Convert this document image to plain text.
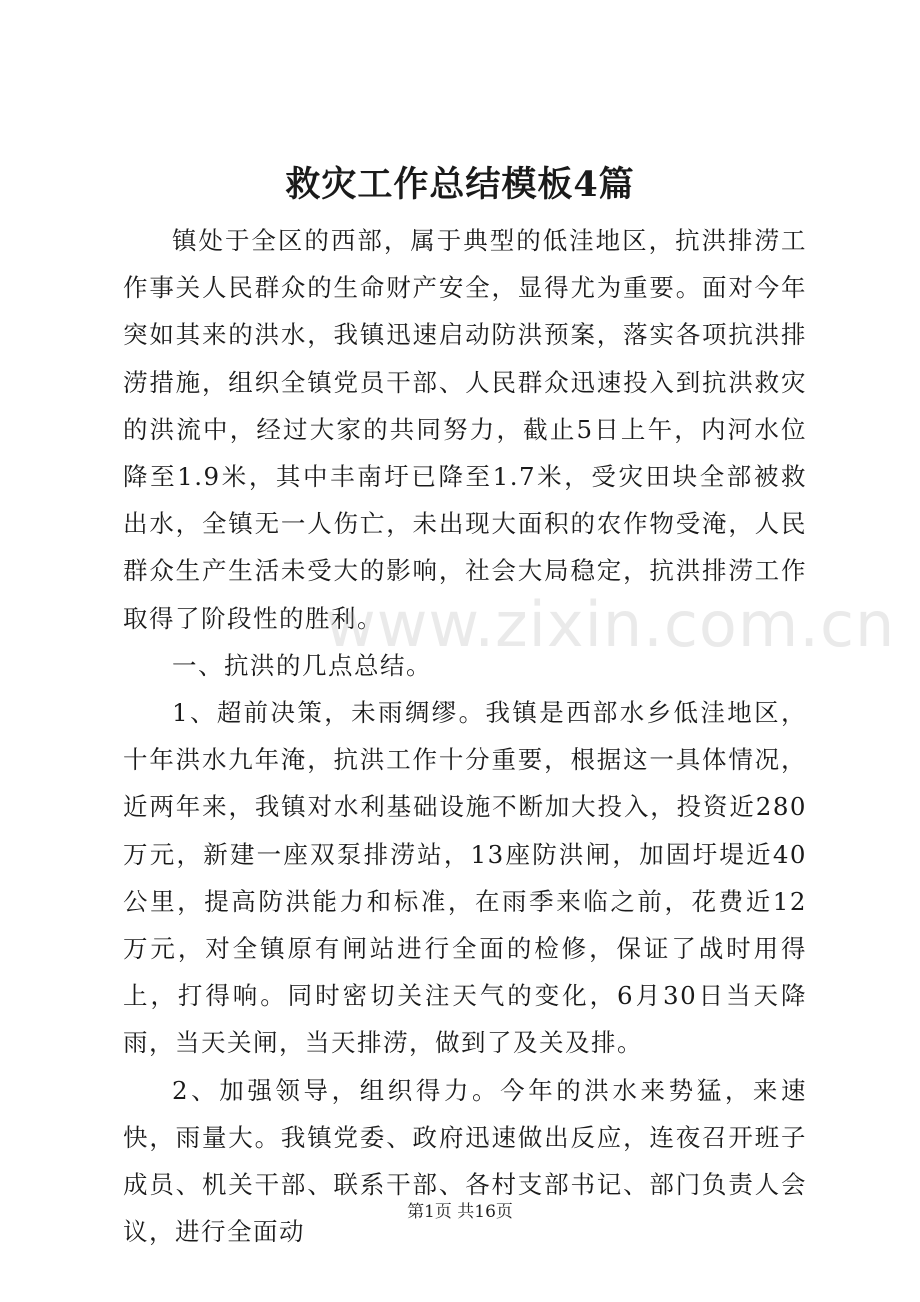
救灾工作总结模板4篇

镇处于全区的西部，属于典型的低洼地区，抗洪排涝工作事关人民群众的生命财产安全，显得尤为重要。面对今年突如其来的洪水，我镇迅速启动防洪预案，落实各项抗洪排涝措施，组织全镇党员干部、人民群众迅速投入到抗洪救灾的洪流中，经过大家的共同努力，截止5日上午，内河水位降至1.9米，其中丰南圩已降至1.7米，受灾田块全部被救出水，全镇无一人伤亡，未出现大面积的农作物受淹，人民群众生产生活未受大的影响，社会大局稳定，抗洪排涝工作取得了阶段性的胜利。

一、抗洪的几点总结。

1、超前决策，未雨绸缪。我镇是西部水乡低洼地区，十年洪水九年淹，抗洪工作十分重要，根据这一具体情况，近两年来，我镇对水利基础设施不断加大投入，投资近280万元，新建一座双泵排涝站，13座防洪闸，加固圩堤近40公里，提高防洪能力和标准，在雨季来临之前，花费近12万元，对全镇原有闸站进行全面的检修，保证了战时用得上，打得响。同时密切关注天气的变化，6月30日当天降雨，当天关闸，当天排涝，做到了及关及排。

2、加强领导，组织得力。今年的洪水来势猛，来速快，雨量大。我镇党委、政府迅速做出反应，连夜召开班子成员、机关干部、联系干部、各村支部书记、部门负责人会议，进行全面动

www.zixin.com.cn
第1页 共16页
